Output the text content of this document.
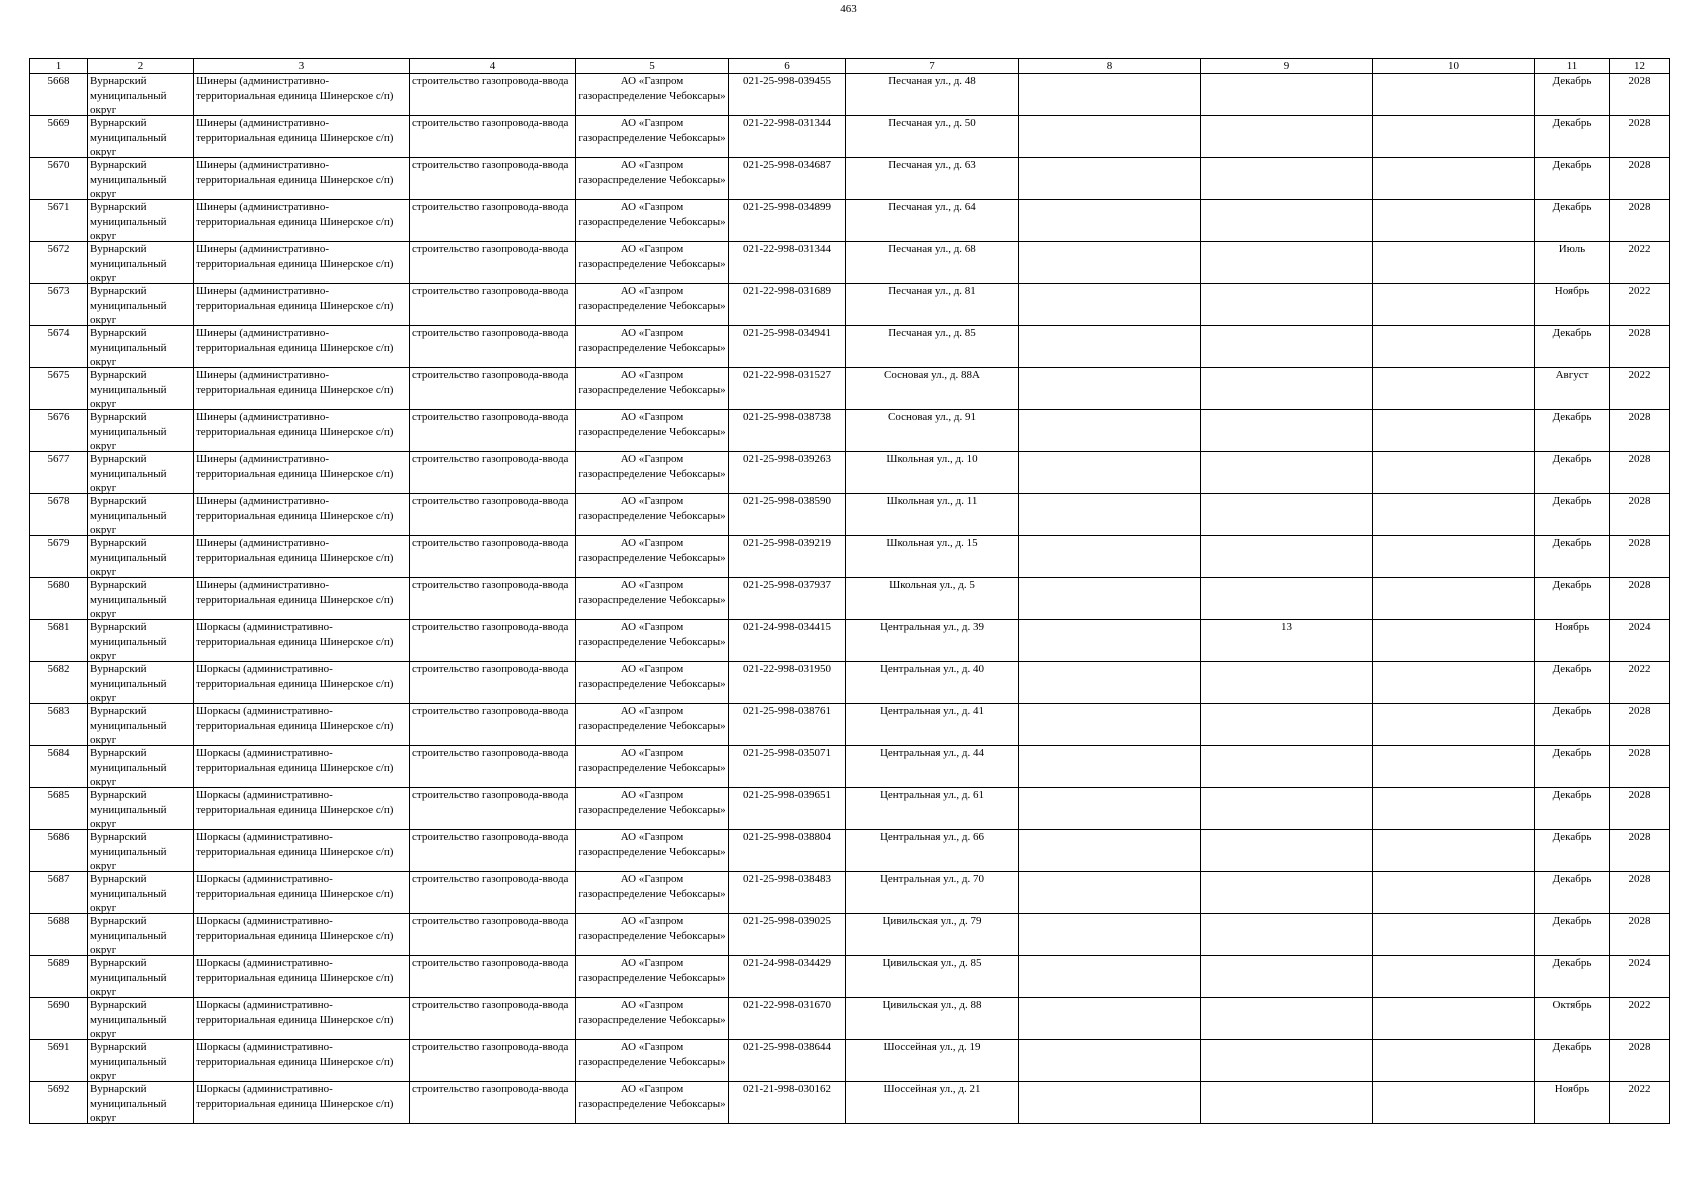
463
1	2	3	4	5	6	7	8	9	10	11	12

5668	Вурнарский муниципальный округ	Шинеры (административно-территориальная единица Шинерское с/п)	строительство газопровода-ввода	АО «Газпром газораспределение Чебоксары»	021-25-998-039455	Песчаная ул., д. 48				Декабрь	2028

5669	Вурнарский муниципальный округ	Шинеры (административно-территориальная единица Шинерское с/п)	строительство газопровода-ввода	АО «Газпром газораспределение Чебоксары»	021-22-998-031344	Песчаная ул., д. 50				Декабрь	2028

5670	Вурнарский муниципальный округ	Шинеры (административно-территориальная единица Шинерское с/п)	строительство газопровода-ввода	АО «Газпром газораспределение Чебоксары»	021-25-998-034687	Песчаная ул., д. 63				Декабрь	2028

5671	Вурнарский муниципальный округ	Шинеры (административно-территориальная единица Шинерское с/п)	строительство газопровода-ввода	АО «Газпром газораспределение Чебоксары»	021-25-998-034899	Песчаная ул., д. 64				Декабрь	2028

5672	Вурнарский муниципальный округ	Шинеры (административно-территориальная единица Шинерское с/п)	строительство газопровода-ввода	АО «Газпром газораспределение Чебоксары»	021-22-998-031344	Песчаная ул., д. 68				Июль	2022

5673	Вурнарский муниципальный округ	Шинеры (административно-территориальная единица Шинерское с/п)	строительство газопровода-ввода	АО «Газпром газораспределение Чебоксары»	021-22-998-031689	Песчаная ул., д. 81				Ноябрь	2022

5674	Вурнарский муниципальный округ	Шинеры (административно-территориальная единица Шинерское с/п)	строительство газопровода-ввода	АО «Газпром газораспределение Чебоксары»	021-25-998-034941	Песчаная ул., д. 85				Декабрь	2028

5675	Вурнарский муниципальный округ	Шинеры (административно-территориальная единица Шинерское с/п)	строительство газопровода-ввода	АО «Газпром газораспределение Чебоксары»	021-22-998-031527	Сосновая ул., д. 88А				Август	2022

5676	Вурнарский муниципальный округ	Шинеры (административно-территориальная единица Шинерское с/п)	строительство газопровода-ввода	АО «Газпром газораспределение Чебоксары»	021-25-998-038738	Сосновая ул., д. 91				Декабрь	2028

5677	Вурнарский муниципальный округ	Шинеры (административно-территориальная единица Шинерское с/п)	строительство газопровода-ввода	АО «Газпром газораспределение Чебоксары»	021-25-998-039263	Школьная ул., д. 10				Декабрь	2028

5678	Вурнарский муниципальный округ	Шинеры (административно-территориальная единица Шинерское с/п)	строительство газопровода-ввода	АО «Газпром газораспределение Чебоксары»	021-25-998-038590	Школьная ул., д. 11				Декабрь	2028

5679	Вурнарский муниципальный округ	Шинеры (административно-территориальная единица Шинерское с/п)	строительство газопровода-ввода	АО «Газпром газораспределение Чебоксары»	021-25-998-039219	Школьная ул., д. 15				Декабрь	2028

5680	Вурнарский муниципальный округ	Шинеры (административно-территориальная единица Шинерское с/п)	строительство газопровода-ввода	АО «Газпром газораспределение Чебоксары»	021-25-998-037937	Школьная ул., д. 5				Декабрь	2028

5681	Вурнарский муниципальный округ	Шоркасы (административно-территориальная единица Шинерское с/п)	строительство газопровода-ввода	АО «Газпром газораспределение Чебоксары»	021-24-998-034415	Центральная ул., д. 39		13		Ноябрь	2024

5682	Вурнарский муниципальный округ	Шоркасы (административно-территориальная единица Шинерское с/п)	строительство газопровода-ввода	АО «Газпром газораспределение Чебоксары»	021-22-998-031950	Центральная ул., д. 40				Декабрь	2022

5683	Вурнарский муниципальный округ	Шоркасы (административно-территориальная единица Шинерское с/п)	строительство газопровода-ввода	АО «Газпром газораспределение Чебоксары»	021-25-998-038761	Центральная ул., д. 41				Декабрь	2028

5684	Вурнарский муниципальный округ	Шоркасы (административно-территориальная единица Шинерское с/п)	строительство газопровода-ввода	АО «Газпром газораспределение Чебоксары»	021-25-998-035071	Центральная ул., д. 44				Декабрь	2028

5685	Вурнарский муниципальный округ	Шоркасы (административно-территориальная единица Шинерское с/п)	строительство газопровода-ввода	АО «Газпром газораспределение Чебоксары»	021-25-998-039651	Центральная ул., д. 61				Декабрь	2028

5686	Вурнарский муниципальный округ	Шоркасы (административно-территориальная единица Шинерское с/п)	строительство газопровода-ввода	АО «Газпром газораспределение Чебоксары»	021-25-998-038804	Центральная ул., д. 66				Декабрь	2028

5687	Вурнарский муниципальный округ	Шоркасы (административно-территориальная единица Шинерское с/п)	строительство газопровода-ввода	АО «Газпром газораспределение Чебоксары»	021-25-998-038483	Центральная ул., д. 70				Декабрь	2028

5688	Вурнарский муниципальный округ	Шоркасы (административно-территориальная единица Шинерское с/п)	строительство газопровода-ввода	АО «Газпром газораспределение Чебоксары»	021-25-998-039025	Цивильская ул., д. 79				Декабрь	2028

5689	Вурнарский муниципальный округ	Шоркасы (административно-территориальная единица Шинерское с/п)	строительство газопровода-ввода	АО «Газпром газораспределение Чебоксары»	021-24-998-034429	Цивильская ул., д. 85				Декабрь	2024

5690	Вурнарский муниципальный округ	Шоркасы (административно-территориальная единица Шинерское с/п)	строительство газопровода-ввода	АО «Газпром газораспределение Чебоксары»	021-22-998-031670	Цивильская ул., д. 88				Октябрь	2022

5691	Вурнарский муниципальный округ	Шоркасы (административно-территориальная единица Шинерское с/п)	строительство газопровода-ввода	АО «Газпром газораспределение Чебоксары»	021-25-998-038644	Шоссейная ул., д. 19				Декабрь	2028

5692	Вурнарский муниципальный округ	Шоркасы (административно-территориальная единица Шинерское с/п)	строительство газопровода-ввода	АО «Газпром газораспределение Чебоксары»	021-21-998-030162	Шоссейная ул., д. 21				Ноябрь	2022
